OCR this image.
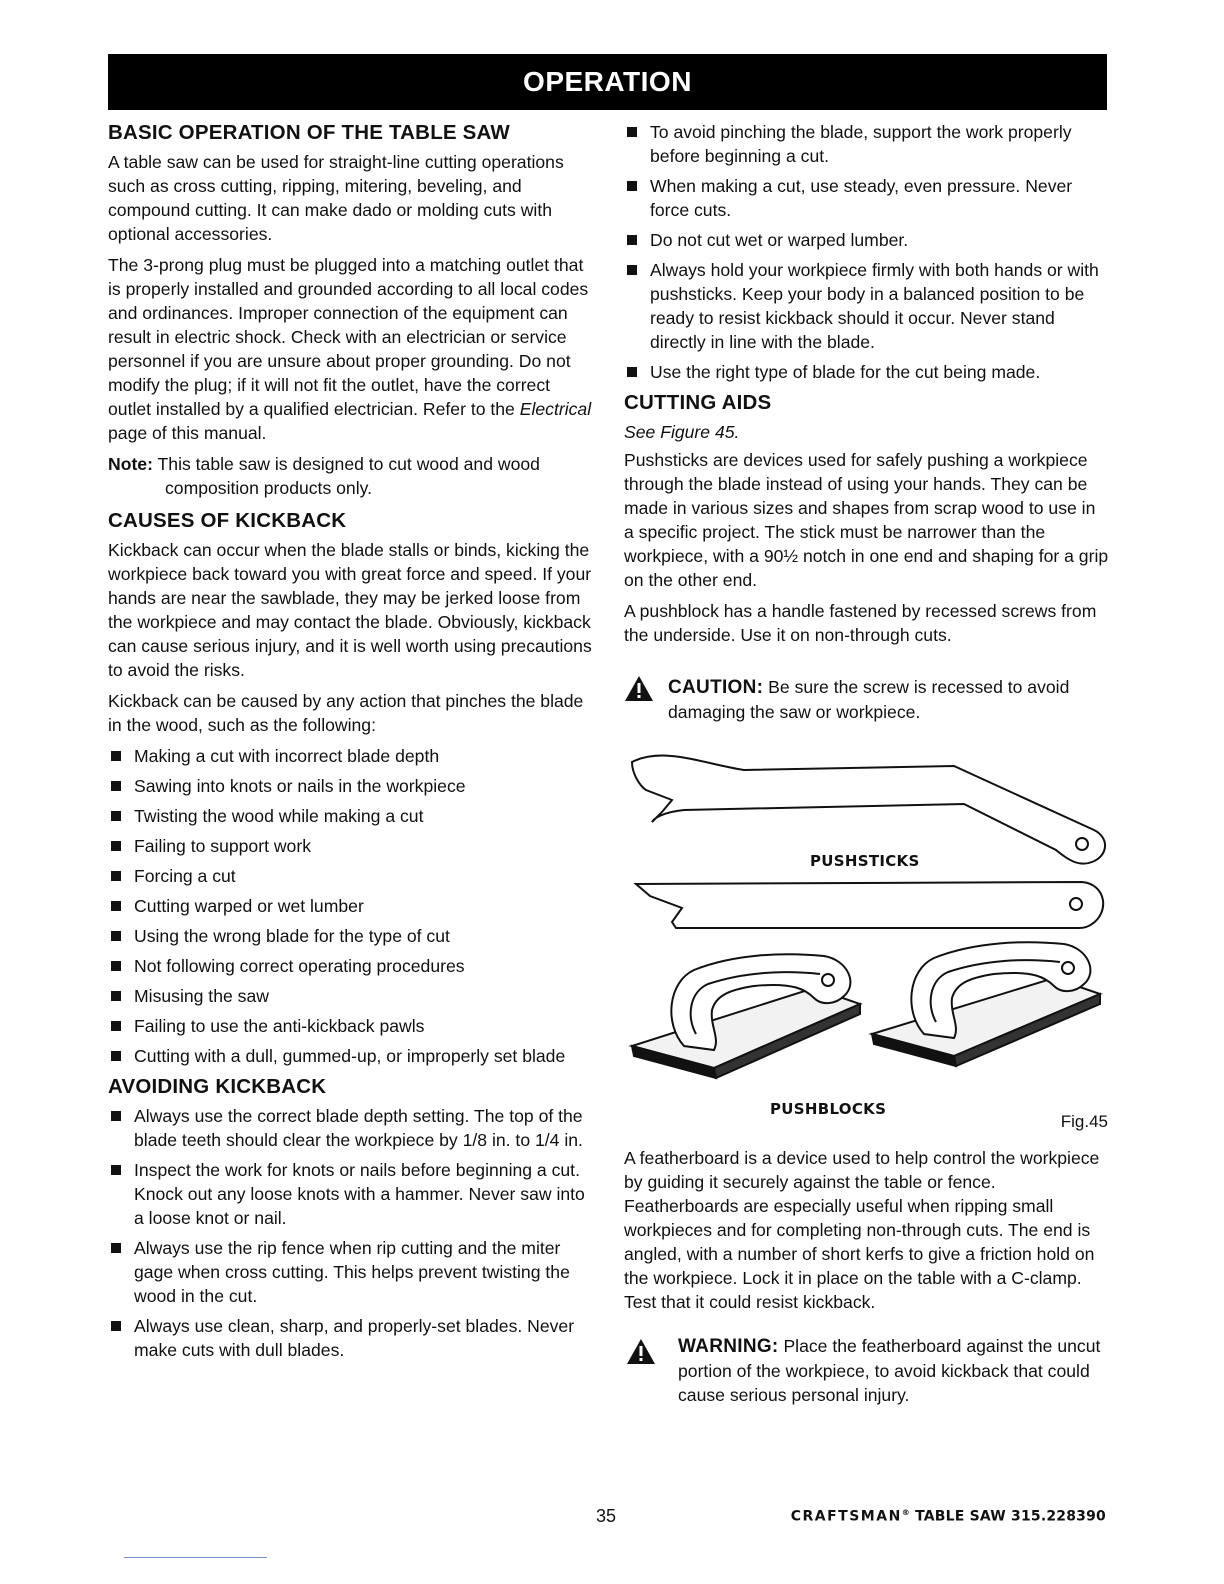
OPERATION
BASIC OPERATION OF THE TABLE SAW

A table saw can be used for straight-line cutting operations such as cross cutting, ripping, mitering, beveling, and compound cutting. It can make dado or molding cuts with optional accessories.

The 3-prong plug must be plugged into a matching outlet that is properly installed and grounded according to all local codes and ordinances. Improper connection of the equipment can result in electric shock. Check with an electrician or service personnel if you are unsure about proper grounding. Do not modify the plug; if it will not fit the outlet, have the correct outlet installed by a qualified electrician. Refer to the Electrical page of this manual.

Note: This table saw is designed to cut wood and wood composition products only.

CAUSES OF KICKBACK

Kickback can occur when the blade stalls or binds, kicking the workpiece back toward you with great force and speed. If your hands are near the sawblade, they may be jerked loose from the workpiece and may contact the blade. Obviously, kickback can cause serious injury, and it is well worth using precautions to avoid the risks.

Kickback can be caused by any action that pinches the blade in the wood, such as the following:

Making a cut with incorrect blade depth
Sawing into knots or nails in the workpiece
Twisting the wood while making a cut
Failing to support work
Forcing a cut
Cutting warped or wet lumber
Using the wrong blade for the type of cut
Not following correct operating procedures
Misusing the saw
Failing to use the anti-kickback pawls
Cutting with a dull, gummed-up, or improperly set blade
AVOIDING KICKBACK
Always use the correct blade depth setting. The top of the blade teeth should clear the workpiece by 1/8 in. to 1/4 in.
Inspect the work for knots or nails before beginning a cut. Knock out any loose knots with a hammer. Never saw into a loose knot or nail.
Always use the rip fence when rip cutting and the miter gage when cross cutting. This helps prevent twisting the wood in the cut.
Always use clean, sharp, and properly-set blades. Never make cuts with dull blades.
To avoid pinching the blade, support the work properly before beginning a cut.
When making a cut, use steady, even pressure. Never force cuts.
Do not cut wet or warped lumber.
Always hold your workpiece firmly with both hands or with pushsticks. Keep your body in a balanced position to be ready to resist kickback should it occur. Never stand directly in line with the blade.
Use the right type of blade for the cut being made.
CUTTING AIDS

See Figure 45.

Pushsticks are devices used for safely pushing a workpiece through the blade instead of using your hands. They can be made in various sizes and shapes from scrap wood to use in a specific project. The stick must be narrower than the workpiece, with a 90½ notch in one end and shaping for a grip on the other end.

A pushblock has a handle fastened by recessed screws from the underside. Use it on non-through cuts.

CAUTION: Be sure the screw is recessed to avoid damaging the saw or workpiece.
PUSHSTICKS
PUSHBLOCKS
Fig.45

A featherboard is a device used to help control the workpiece by guiding it securely against the table or fence. Featherboards are especially useful when ripping small workpieces and for completing non-through cuts. The end is angled, with a number of short kerfs to give a friction hold on the workpiece. Lock it in place on the table with a C-clamp. Test that it could resist kickback.

WARNING: Place the featherboard against the uncut portion of the workpiece, to avoid kickback that could cause serious personal injury.
35	CRAFTSMAN® TABLE SAW 315.228390
